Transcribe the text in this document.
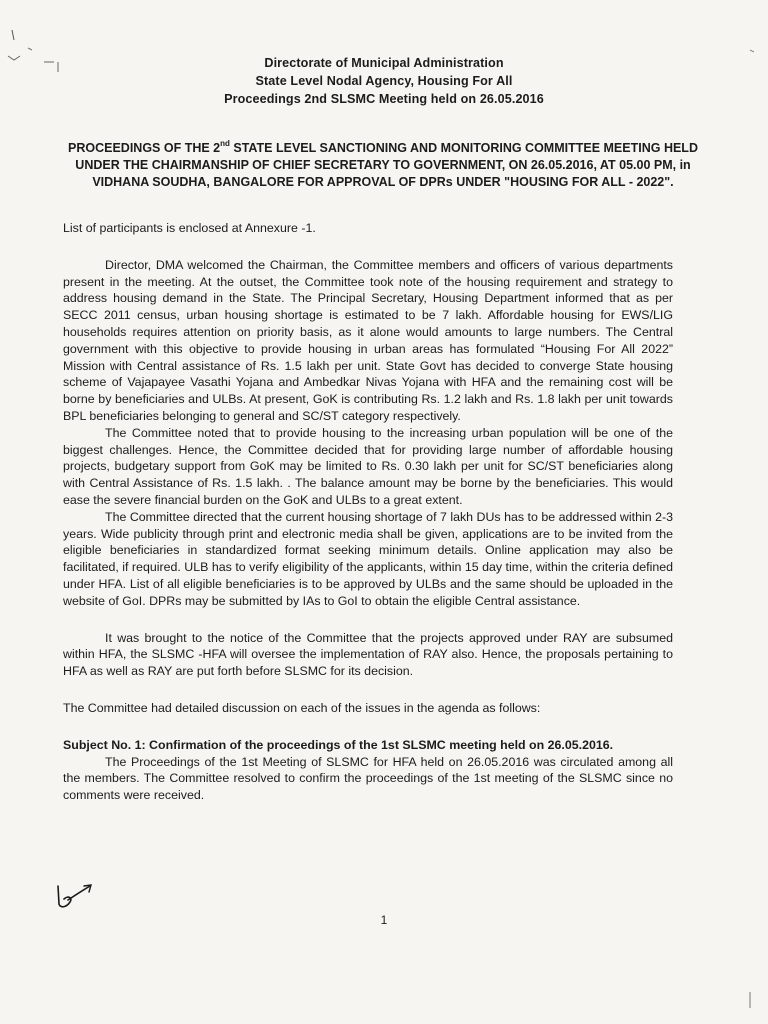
Directorate of Municipal Administration
State Level Nodal Agency, Housing For All
Proceedings 2nd SLSMC Meeting held on 26.05.2016
PROCEEDINGS OF THE 2nd STATE LEVEL SANCTIONING AND MONITORING COMMITTEE MEETING HELD UNDER THE CHAIRMANSHIP OF CHIEF SECRETARY TO GOVERNMENT, ON 26.05.2016, AT 05.00 PM, in VIDHANA SOUDHA, BANGALORE FOR APPROVAL OF DPRs UNDER "HOUSING FOR ALL - 2022".

List of participants is enclosed at Annexure -1.

Director, DMA welcomed the Chairman, the Committee members and officers of various departments present in the meeting. At the outset, the Committee took note of the housing requirement and strategy to address housing demand in the State. The Principal Secretary, Housing Department informed that as per SECC 2011 census, urban housing shortage is estimated to be 7 lakh. Affordable housing for EWS/LIG households requires attention on priority basis, as it alone would amounts to large numbers. The Central government with this objective to provide housing in urban areas has formulated “Housing For All 2022” Mission with Central assistance of Rs. 1.5 lakh per unit. State Govt has decided to converge State housing scheme of Vajapayee Vasathi Yojana and Ambedkar Nivas Yojana with HFA and the remaining cost will be borne by beneficiaries and ULBs. At present, GoK is contributing Rs. 1.2 lakh and Rs. 1.8 lakh per unit towards BPL beneficiaries belonging to general and SC/ST category respectively.

The Committee noted that to provide housing to the increasing urban population will be one of the biggest challenges. Hence, the Committee decided that for providing large number of affordable housing projects, budgetary support from GoK may be limited to Rs. 0.30 lakh per unit for SC/ST beneficiaries along with Central Assistance of Rs. 1.5 lakh. . The balance amount may be borne by the beneficiaries. This would ease the severe financial burden on the GoK and ULBs to a great extent.

The Committee directed that the current housing shortage of 7 lakh DUs has to be addressed within 2-3 years. Wide publicity through print and electronic media shall be given, applications are to be invited from the eligible beneficiaries in standardized format seeking minimum details. Online application may also be facilitated, if required. ULB has to verify eligibility of the applicants, within 15 day time, within the criteria defined under HFA. List of all eligible beneficiaries is to be approved by ULBs and the same should be uploaded in the website of GoI. DPRs may be submitted by IAs to GoI to obtain the eligible Central assistance.

It was brought to the notice of the Committee that the projects approved under RAY are subsumed within HFA, the SLSMC -HFA will oversee the implementation of RAY also. Hence, the proposals pertaining to HFA as well as RAY are put forth before SLSMC for its decision.

The Committee had detailed discussion on each of the issues in the agenda as follows:

Subject No. 1: Confirmation of the proceedings of the 1st SLSMC meeting held on 26.05.2016.

The Proceedings of the 1st Meeting of SLSMC for HFA held on 26.05.2016 was circulated among all the members. The Committee resolved to confirm the proceedings of the 1st meeting of the SLSMC since no comments were received.

1
